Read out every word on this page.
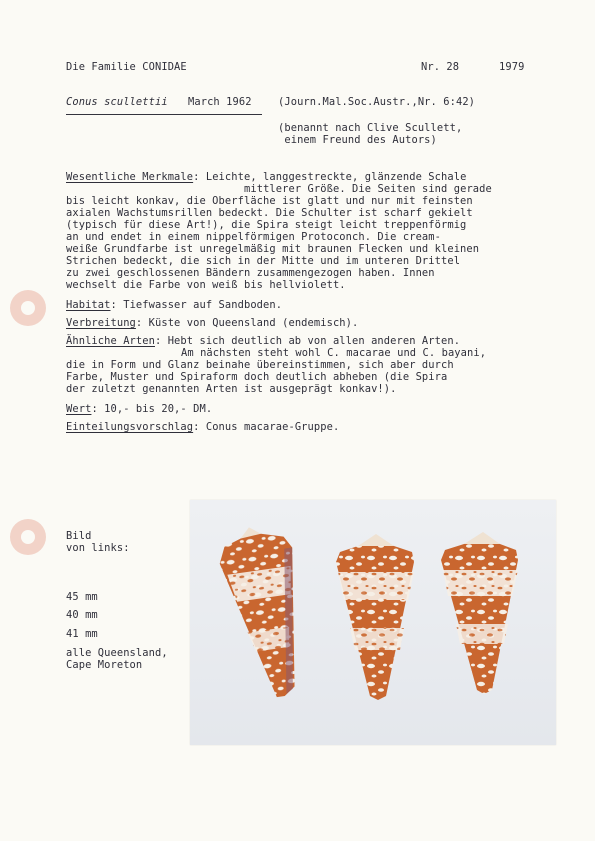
Die Familie CONIDAE	Nr. 28	1979
Conus scullettii March 1962	(Journ.Mal.Soc.Austr.,Nr. 6:42)
(benannt nach Clive Scullett,
einem Freund des Autors)
Wesentliche Merkmale: Leichte, langgestreckte, glänzende Schale
mittlerer Größe. Die Seiten sind gerade
bis leicht konkav, die Oberfläche ist glatt und nur mit feinsten
axialen Wachstumsrillen bedeckt. Die Schulter ist scharf gekielt
(typisch für diese Art!), die Spira steigt leicht treppenförmig
an und endet in einem nippelförmigen Protoconch. Die cream-
weiße Grundfarbe ist unregelmäßig mit braunen Flecken und kleinen
Strichen bedeckt, die sich in der Mitte und im unteren Drittel
zu zwei geschlossenen Bändern zusammengezogen haben. Innen
wechselt die Farbe von weiß bis hellviolett.
Habitat: Tiefwasser auf Sandboden.
Verbreitung: Küste von Queensland (endemisch).
Ähnliche Arten: Hebt sich deutlich ab von allen anderen Arten.
Am nächsten steht wohl C. macarae und C. bayani,
die in Form und Glanz beinahe übereinstimmen, sich aber durch
Farbe, Muster und Spiraform doch deutlich abheben (die Spira
der zuletzt genannten Arten ist ausgeprägt konkav!).
Wert: 10,- bis 20,- DM.
Einteilungsvorschlag: Conus macarae-Gruppe.
Bild
von links:
45 mm
40 mm
41 mm
alle Queensland,
Cape Moreton
